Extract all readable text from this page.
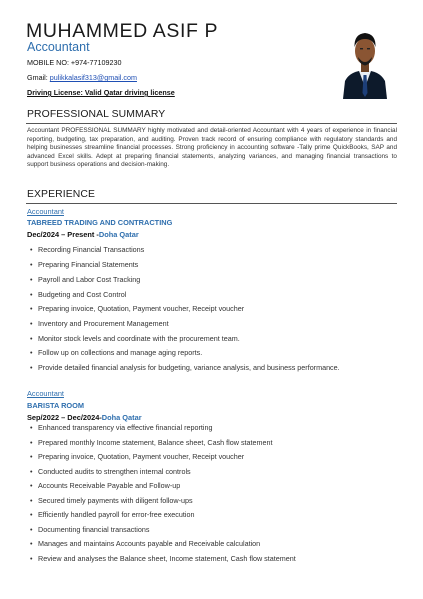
MUHAMMED ASIF P
Accountant
MOBILE NO: +974-77109230
Gmail: pulikkalasif313@gmail.com
Driving License: Valid Qatar driving license
PROFESSIONAL SUMMARY
Accountant PROFESSIONAL SUMMARY highly motivated and detail-oriented Accountant with 4 years of experience in financial reporting, budgeting, tax preparation, and auditing. Proven track record of ensuring compliance with regulatory standards and helping businesses streamline financial processes. Strong proficiency in accounting software -Tally prime QuickBooks, SAP and advanced Excel skills. Adept at preparing financial statements, analyzing variances, and managing financial transactions to support business operations and decision-making.
EXPERIENCE
Accountant
TABREED TRADING AND CONTRACTING
Dec/2024 – Present -Doha Qatar
• Recording Financial Transactions
• Preparing Financial Statements
• Payroll and Labor Cost Tracking
• Budgeting and Cost Control
• Preparing invoice, Quotation, Payment voucher, Receipt voucher
• Inventory and Procurement Management
• Monitor stock levels and coordinate with the procurement team.
• Follow up on collections and manage aging reports.
• Provide detailed financial analysis for budgeting, variance analysis, and business performance.
Accountant
BARISTA ROOM
Sep/2022 – Dec/2024-Doha Qatar
• Enhanced transparency via effective financial reporting
• Prepared monthly Income statement, Balance sheet, Cash flow statement
• Preparing invoice, Quotation, Payment voucher, Receipt voucher
• Conducted audits to strengthen internal controls
• Accounts Receivable Payable and Follow-up
• Secured timely payments with diligent follow-ups
• Efficiently handled payroll for error-free execution
• Documenting financial transactions
• Manages and maintains Accounts payable and Receivable calculation
• Review and analyses the Balance sheet, Income statement, Cash flow statement
